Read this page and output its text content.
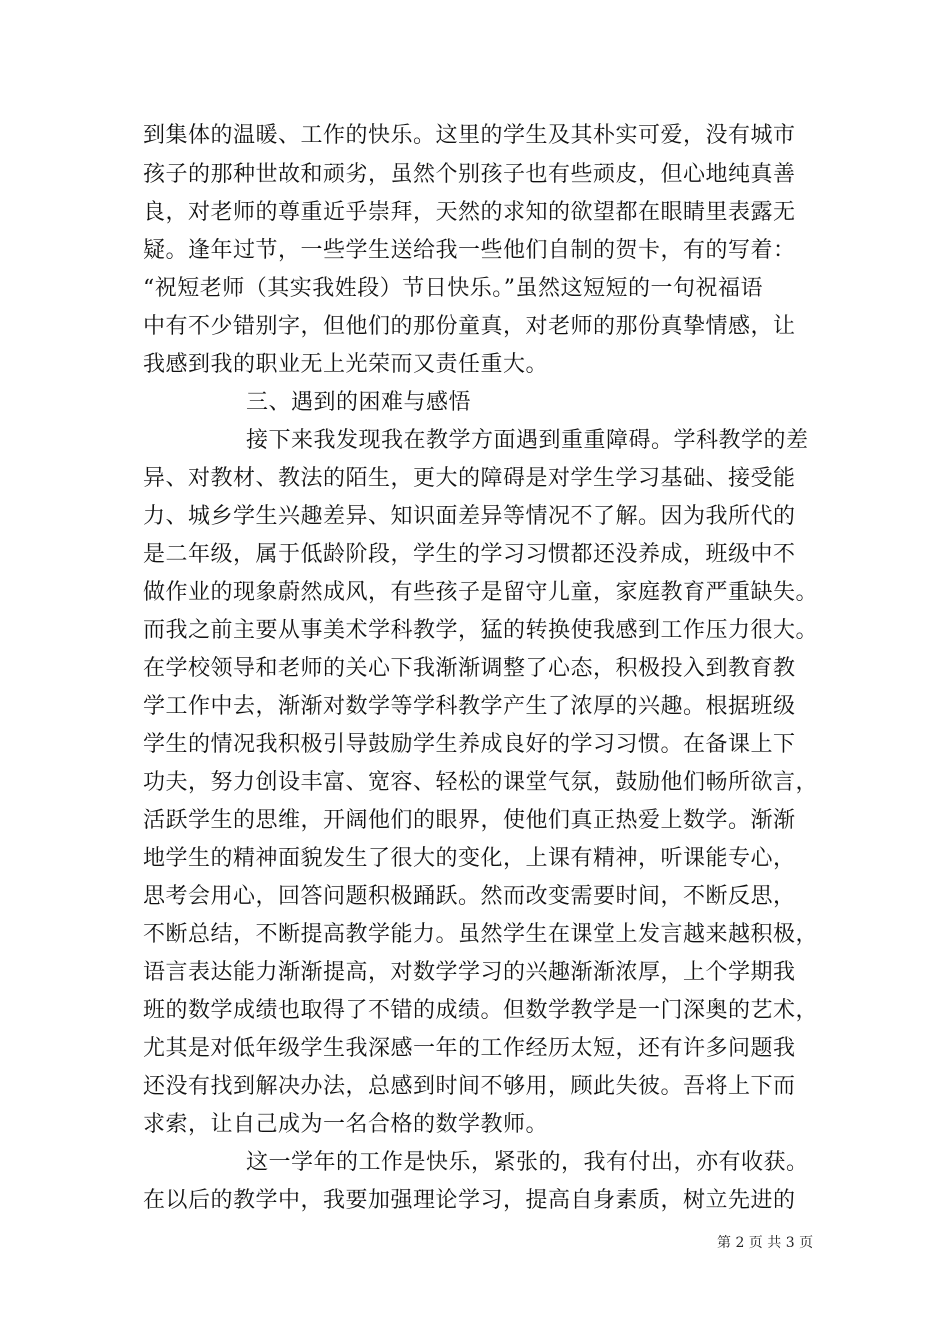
到集体的温暖、工作的快乐。这里的学生及其朴实可爱，没有城市
孩子的那种世故和顽劣，虽然个别孩子也有些顽皮，但心地纯真善
良，对老师的尊重近乎崇拜，天然的求知的欲望都在眼睛里表露无
疑。逢年过节，一些学生送给我一些他们自制的贺卡，有的写着：
“祝短老师（其实我姓段）节日快乐。”虽然这短短的一句祝福语
中有不少错别字，但他们的那份童真，对老师的那份真挚情感，让
我感到我的职业无上光荣而又责任重大。
三、遇到的困难与感悟
接下来我发现我在教学方面遇到重重障碍。学科教学的差
异、对教材、教法的陌生，更大的障碍是对学生学习基础、接受能
力、城乡学生兴趣差异、知识面差异等情况不了解。因为我所代的
是二年级，属于低龄阶段，学生的学习习惯都还没养成，班级中不
做作业的现象蔚然成风，有些孩子是留守儿童，家庭教育严重缺失。
而我之前主要从事美术学科教学，猛的转换使我感到工作压力很大。
在学校领导和老师的关心下我渐渐调整了心态，积极投入到教育教
学工作中去，渐渐对数学等学科教学产生了浓厚的兴趣。根据班级
学生的情况我积极引导鼓励学生养成良好的学习习惯。在备课上下
功夫，努力创设丰富、宽容、轻松的课堂气氛，鼓励他们畅所欲言，
活跃学生的思维，开阔他们的眼界，使他们真正热爱上数学。渐渐
地学生的精神面貌发生了很大的变化，上课有精神，听课能专心，
思考会用心，回答问题积极踊跃。然而改变需要时间，不断反思，
不断总结，不断提高教学能力。虽然学生在课堂上发言越来越积极，
语言表达能力渐渐提高，对数学学习的兴趣渐渐浓厚，上个学期我
班的数学成绩也取得了不错的成绩。但数学教学是一门深奥的艺术，
尤其是对低年级学生我深感一年的工作经历太短，还有许多问题我
还没有找到解决办法，总感到时间不够用，顾此失彼。吾将上下而
求索，让自己成为一名合格的数学教师。
这一学年的工作是快乐，紧张的，我有付出，亦有收获。
在以后的教学中，我要加强理论学习，提高自身素质，树立先进的
第 2 页 共 3 页
